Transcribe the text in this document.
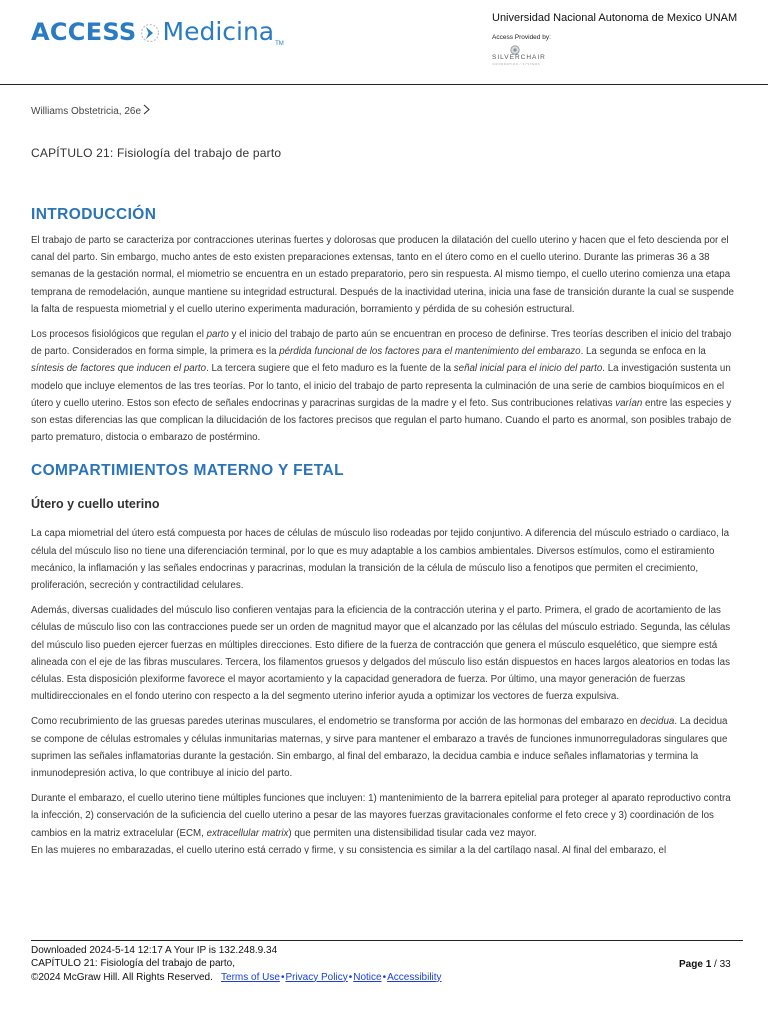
ACCESS Medicina TM
Universidad Nacional Autonoma de Mexico UNAM
Access Provided by:
SILVERCHAIR
INFORMATION / SYSTEMS
Williams Obstetricia, 26e
CAPÍTULO 21: Fisiología del trabajo de parto
INTRODUCCIÓN

El trabajo de parto se caracteriza por contracciones uterinas fuertes y dolorosas que producen la dilatación del cuello uterino y hacen que el feto descienda por el canal del parto. Sin embargo, mucho antes de esto existen preparaciones extensas, tanto en el útero como en el cuello uterino. Durante las primeras 36 a 38 semanas de la gestación normal, el miometrio se encuentra en un estado preparatorio, pero sin respuesta. Al mismo tiempo, el cuello uterino comienza una etapa temprana de remodelación, aunque mantiene su integridad estructural. Después de la inactividad uterina, inicia una fase de transición durante la cual se suspende la falta de respuesta miometrial y el cuello uterino experimenta maduración, borramiento y pérdida de su cohesión estructural.

Los procesos fisiológicos que regulan el parto y el inicio del trabajo de parto aún se encuentran en proceso de definirse. Tres teorías describen el inicio del trabajo de parto. Considerados en forma simple, la primera es la pérdida funcional de los factores para el mantenimiento del embarazo. La segunda se enfoca en la síntesis de factores que inducen el parto. La tercera sugiere que el feto maduro es la fuente de la señal inicial para el inicio del parto. La investigación sustenta un modelo que incluye elementos de las tres teorías. Por lo tanto, el inicio del trabajo de parto representa la culminación de una serie de cambios bioquímicos en el útero y cuello uterino. Estos son efecto de señales endocrinas y paracrinas surgidas de la madre y el feto. Sus contribuciones relativas varían entre las especies y son estas diferencias las que complican la dilucidación de los factores precisos que regulan el parto humano. Cuando el parto es anormal, son posibles trabajo de parto prematuro, distocia o embarazo de postérmino.

COMPARTIMIENTOS MATERNO Y FETAL
Útero y cuello uterino

La capa miometrial del útero está compuesta por haces de células de músculo liso rodeadas por tejido conjuntivo. A diferencia del músculo estriado o cardiaco, la célula del músculo liso no tiene una diferenciación terminal, por lo que es muy adaptable a los cambios ambientales. Diversos estímulos, como el estiramiento mecánico, la inflamación y las señales endocrinas y paracrinas, modulan la transición de la célula de músculo liso a fenotipos que permiten el crecimiento, proliferación, secreción y contractilidad celulares.

Además, diversas cualidades del músculo liso confieren ventajas para la eficiencia de la contracción uterina y el parto. Primera, el grado de acortamiento de las células de músculo liso con las contracciones puede ser un orden de magnitud mayor que el alcanzado por las células del músculo estriado. Segunda, las células del músculo liso pueden ejercer fuerzas en múltiples direcciones. Esto difiere de la fuerza de contracción que genera el músculo esquelético, que siempre está alineada con el eje de las fibras musculares. Tercera, los filamentos gruesos y delgados del músculo liso están dispuestos en haces largos aleatorios en todas las células. Esta disposición plexiforme favorece el mayor acortamiento y la capacidad generadora de fuerza. Por último, una mayor generación de fuerzas multidireccionales en el fondo uterino con respecto a la del segmento uterino inferior ayuda a optimizar los vectores de fuerza expulsiva.

Como recubrimiento de las gruesas paredes uterinas musculares, el endometrio se transforma por acción de las hormonas del embarazo en decidua. La decidua se compone de células estromales y células inmunitarias maternas, y sirve para mantener el embarazo a través de funciones inmunorreguladoras singulares que suprimen las señales inflamatorias durante la gestación. Sin embargo, al final del embarazo, la decidua cambia e induce señales inflamatorias y termina la inmunodepresión activa, lo que contribuye al inicio del parto.

Durante el embarazo, el cuello uterino tiene múltiples funciones que incluyen: 1) mantenimiento de la barrera epitelial para proteger al aparato reproductivo contra la infección, 2) conservación de la suficiencia del cuello uterino a pesar de las mayores fuerzas gravitacionales conforme el feto crece y 3) coordinación de los cambios en la matriz extracelular (ECM, extracellular matrix) que permiten una distensibilidad tisular cada vez mayor.

En las mujeres no embarazadas, el cuello uterino está cerrado y firme, y su consistencia es similar a la del cartílago nasal. Al final del embarazo, el

Downloaded 2024-5-14 12:17 A Your IP is 132.248.9.34
CAPÍTULO 21: Fisiología del trabajo de parto,
©2024 McGraw Hill. All Rights Reserved. Terms of Use•Privacy Policy•Notice•Accessibility
Page 1 / 33
